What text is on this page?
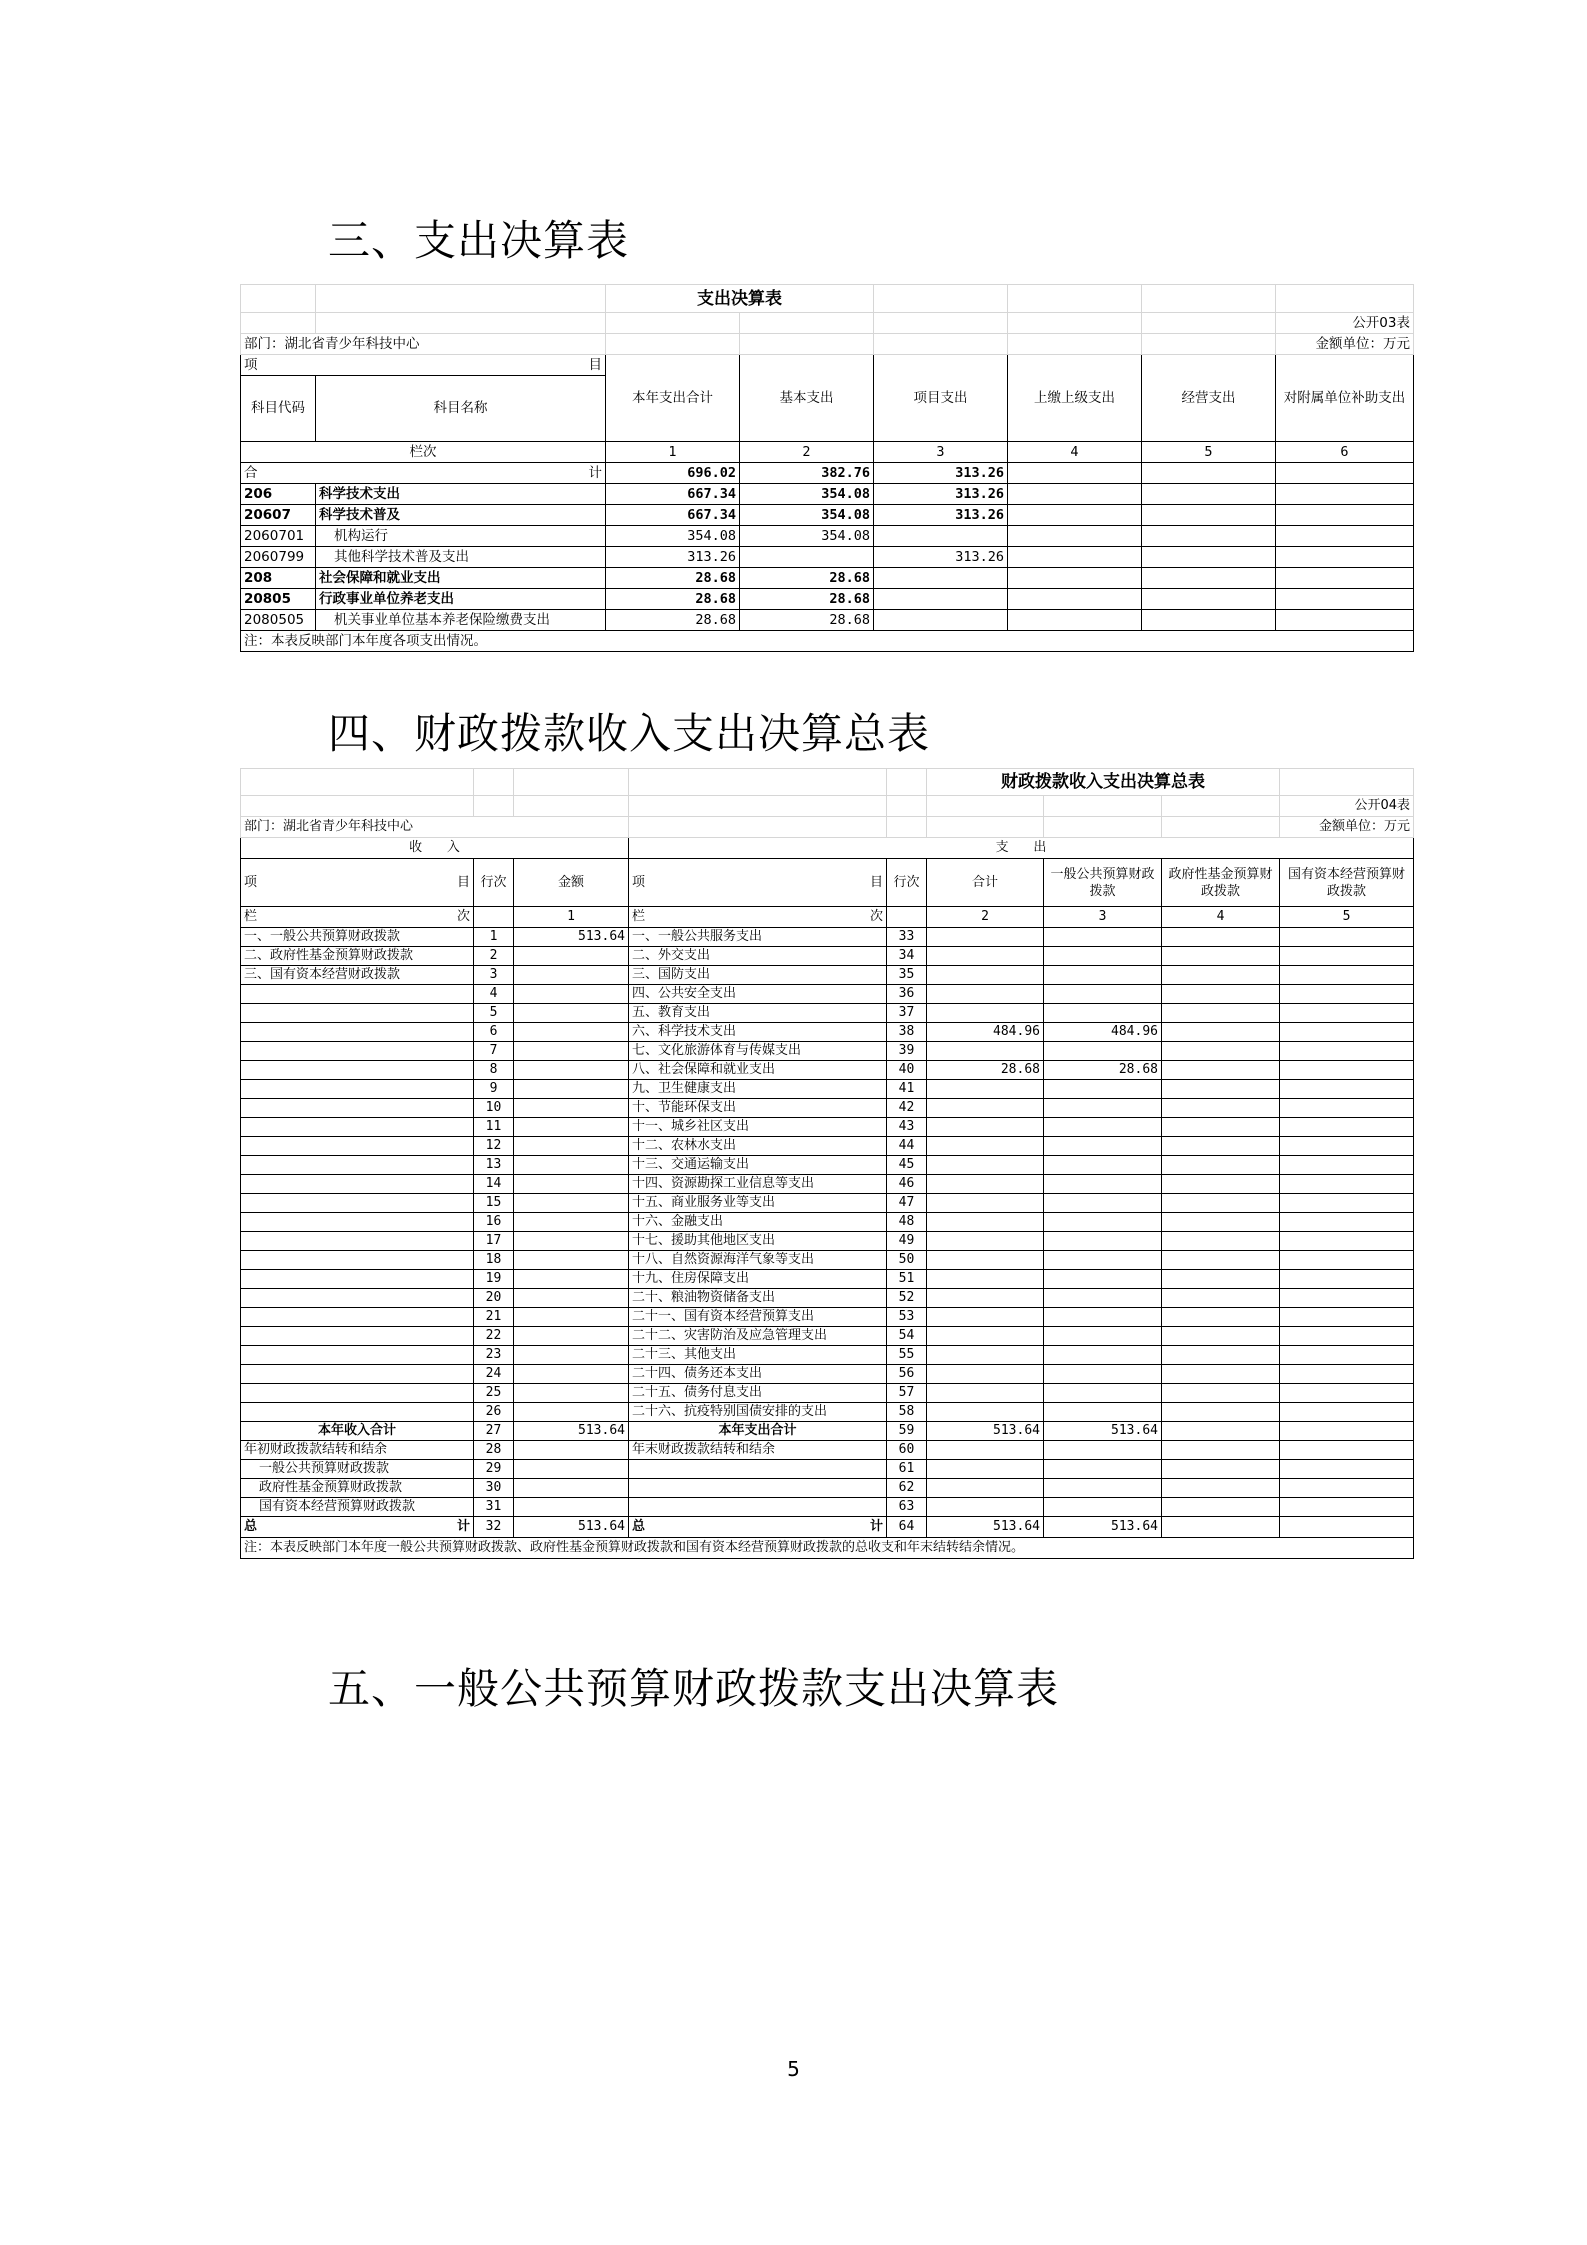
三、支出决算表
		支出决算表					
							公开03表
部门：湖北省青少年科技中心							金额单位：万元

项 目		本年支出合计	基本支出	项目支出	上缴上级支出	经营支出	对附属单位补助支出
科目代码	科目名称						
栏次		1	2	3	4	5	6

合 计		696.02	382.76	313.26			
206	科学技术支出	667.34	354.08	313.26			
20607	科学技术普及	667.34	354.08	313.26			
2060701	机构运行	354.08	354.08				
2060799	其他科学技术普及支出	313.26		313.26			
208	社会保障和就业支出	28.68	28.68				
20805	行政事业单位养老支出	28.68	28.68				
2080505	机关事业单位基本养老保险缴费支出	28.68	28.68				
注：本表反映部门本年度各项支出情况。							
四、财政拨款收入支出决算总表
					财政拨款收入支出决算总表			
								公开04表
部门：湖北省青少年科技中心								金额单位：万元
收 入			支 出					

项 目	行次	金额	项 目	行次	合计	一般公共预算财政拨款	政府性基金预算财政拨款	国有资本经营预算财政拨款

栏 次		1	栏 次		2	3	4	5
一、一般公共预算财政拨款	1	513.64	一、一般公共服务支出	33				
二、政府性基金预算财政拨款	2		二、外交支出	34				
三、国有资本经营财政拨款	3		三、国防支出	35				
	4		四、公共安全支出	36				
	5		五、教育支出	37				
	6		六、科学技术支出	38	484.96	484.96		
	7		七、文化旅游体育与传媒支出	39				
	8		八、社会保障和就业支出	40	28.68	28.68		
	9		九、卫生健康支出	41				
	10		十、节能环保支出	42				
	11		十一、城乡社区支出	43				
	12		十二、农林水支出	44				
	13		十三、交通运输支出	45				
	14		十四、资源勘探工业信息等支出	46				
	15		十五、商业服务业等支出	47				
	16		十六、金融支出	48				
	17		十七、援助其他地区支出	49				
	18		十八、自然资源海洋气象等支出	50				
	19		十九、住房保障支出	51				
	20		二十、粮油物资储备支出	52				
	21		二十一、国有资本经营预算支出	53				
	22		二十二、灾害防治及应急管理支出	54				
	23		二十三、其他支出	55				
	24		二十四、债务还本支出	56				
	25		二十五、债务付息支出	57				
	26		二十六、抗疫特别国债安排的支出	58				
本年收入合计	27	513.64	本年支出合计	59	513.64	513.64		
年初财政拨款结转和结余	28		年末财政拨款结转和结余	60				
一般公共预算财政拨款	29			61				
政府性基金预算财政拨款	30			62				
国有资本经营预算财政拨款	31			63				

总 计	32	513.64	总 计	64	513.64	513.64		
注：本表反映部门本年度一般公共预算财政拨款、政府性基金预算财政拨款和国有资本经营预算财政拨款的总收支和年末结转结余情况。								
五、一般公共预算财政拨款支出决算表
5
